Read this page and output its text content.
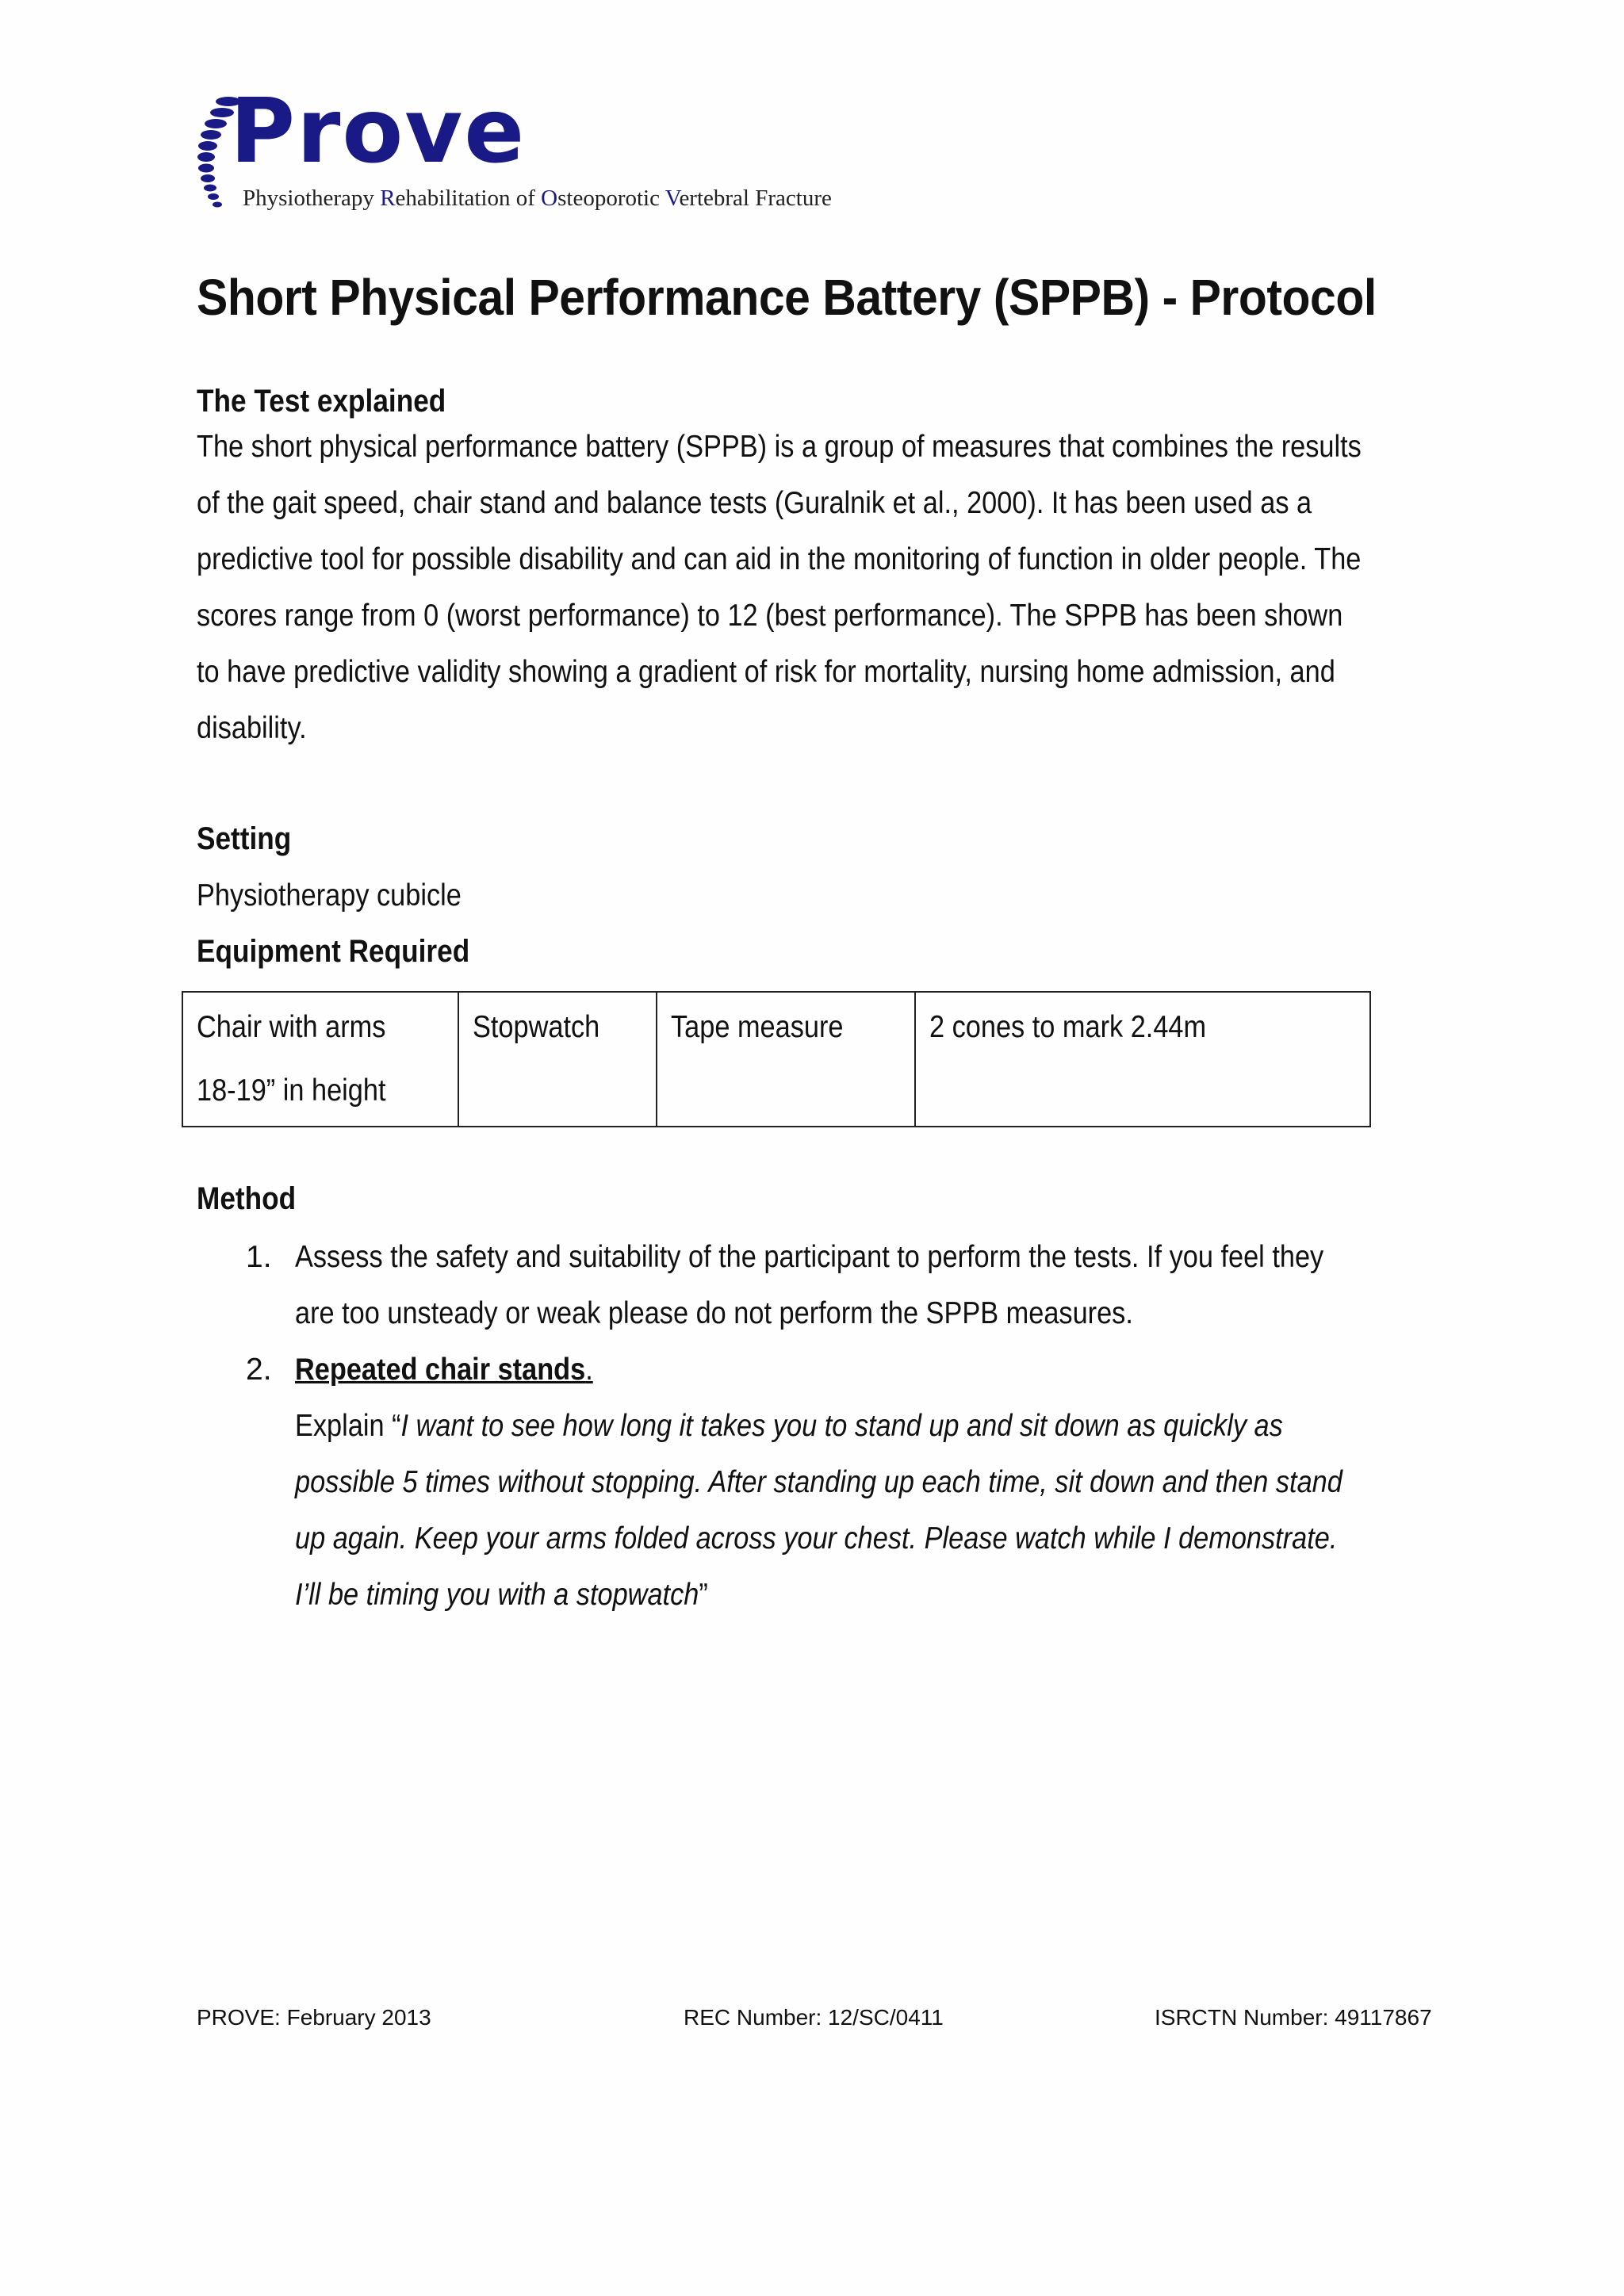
Prove
Physiotherapy Rehabilitation of Osteoporotic Vertebral Fracture
Short Physical Performance Battery (SPPB) - Protocol
The Test explained
The short physical performance battery (SPPB) is a group of measures that combines the results
of the gait speed, chair stand and balance tests (Guralnik et al., 2000). It has been used as a
predictive tool for possible disability and can aid in the monitoring of function in older people. The
scores range from 0 (worst performance) to 12 (best performance). The SPPB has been shown
to have predictive validity showing a gradient of risk for mortality, nursing home admission, and
disability.
Setting
Physiotherapy cubicle
Equipment Required
Chair with arms
18-19” in height
	Stopwatch	Tape measure	2 cones to mark 2.44m
Method
1. Assess the safety and suitability of the participant to perform the tests. If you feel they
are too unsteady or weak please do not perform the SPPB measures.
2. Repeated chair stands.
Explain “I want to see how long it takes you to stand up and sit down as quickly as
possible 5 times without stopping. After standing up each time, sit down and then stand
up again. Keep your arms folded across your chest. Please watch while I demonstrate.
I’ll be timing you with a stopwatch”
PROVE: February 2013	REC Number: 12/SC/0411	ISRCTN Number: 49117867
